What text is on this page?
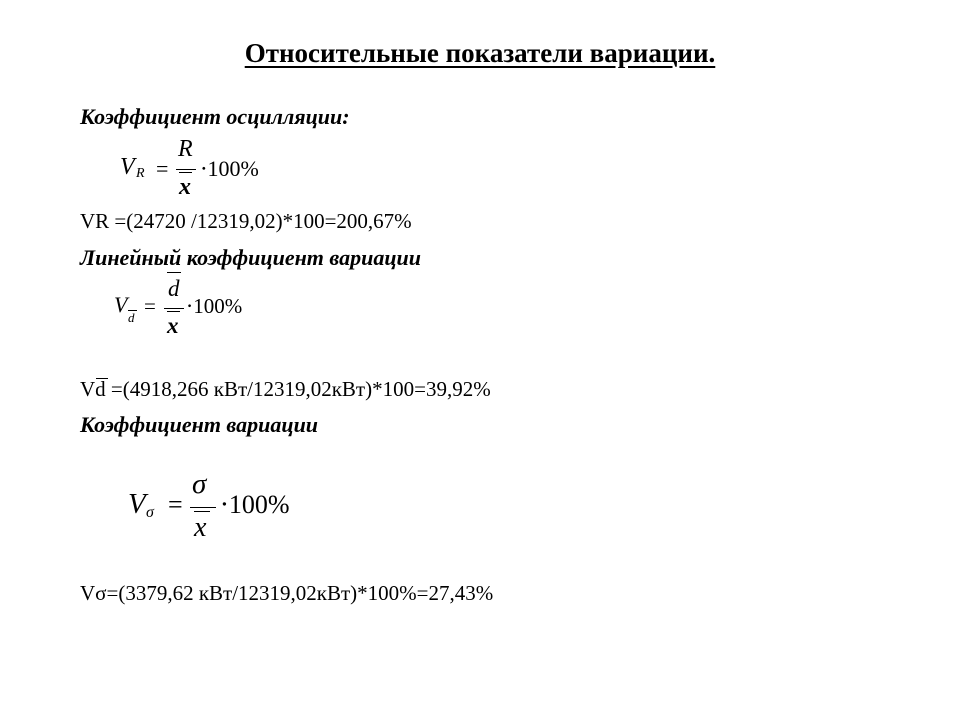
Относительные показатели вариации.
Коэффициент осцилляции:
V R =
R
x
⋅100%
VR =(24720 /12319,02)*100=200,67%
Линейный коэффициент вариации
V
d =
d
x
⋅100%
Vd =(4918,266 кВт/12319,02кВт)*100=39,92%
Коэффициент вариации
V σ =
σ
x
⋅100%
Vσ=(3379,62 кВт/12319,02кВт)*100%=27,43%
